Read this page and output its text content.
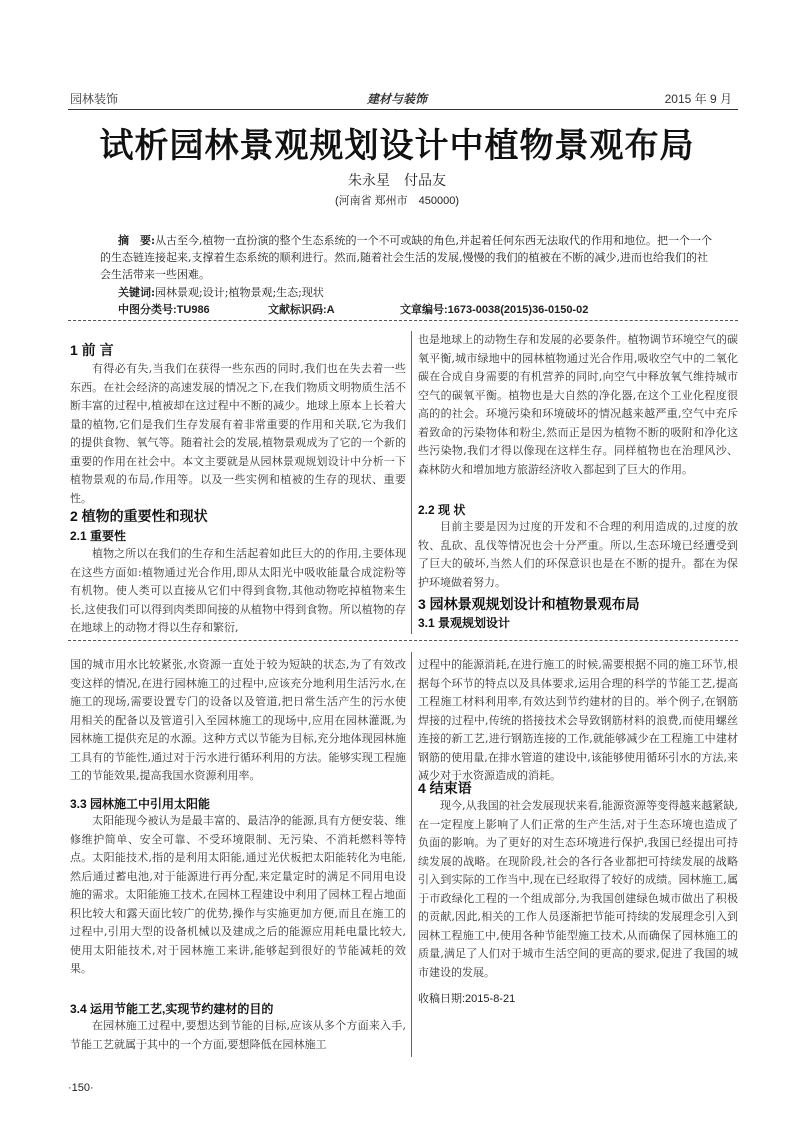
园林装饰	建材与装饰	2015 年 9 月
试析园林景观规划设计中植物景观布局
朱永星　付品友
(河南省 郑州市　450000)
摘　要:从古至今,植物一直扮演的整个生态系统的一个不可或缺的角色,并起着任何东西无法取代的作用和地位。把一个一个的生态链连接起来,支撑着生态系统的顺利进行。然而,随着社会生活的发展,慢慢的我们的植被在不断的减少,进而也给我们的社会生活带来一些困难。
关键词:园林景观;设计;植物景观;生态;现状
中图分类号:TU986	文献标识码:A	文章编号:1673-0038(2015)36-0150-02
1 前 言
有得必有失,当我们在获得一些东西的同时,我们也在失去着一些东西。在社会经济的高速发展的情况之下,在我们物质文明物质生活不断丰富的过程中,植被却在这过程中不断的减少。地球上原本上长着大量的植物,它们是我们生存发展有着非常重要的作用和关联,它为我们的提供食物、氧气等。随着社会的发展,植物景观成为了它的一个新的重要的作用在社会中。本文主要就是从园林景观规划设计中分析一下植物景观的布局,作用等。以及一些实例和植被的生存的现状、重要性。
2 植物的重要性和现状
2.1 重要性
植物之所以在我们的生存和生活起着如此巨大的的作用,主要体现在这些方面如:植物通过光合作用,即从太阳光中吸收能量合成淀粉等有机物。使人类可以直接从它们中得到食物,其他动物吃掉植物来生长,这使我们可以得到肉类即间接的从植物中得到食物。所以植物的存在地球上的动物才得以生存和繁衍,
也是地球上的动物生存和发展的必要条件。植物调节环境空气的碳氧平衡,城市绿地中的园林植物通过光合作用,吸收空气中的二氧化碳在合成自身需要的有机营养的同时,向空气中释放氧气维持城市空气的碳氧平衡。植物也是大自然的净化器,在这个工业化程度很高的的社会。环境污染和环境破坏的情况越来越严重,空气中充斥着致命的污染物体和粉尘,然而正是因为植物不断的吸附和净化这些污染物,我们才得以像现在这样生存。同样植物也在治理风沙、森林防火和增加地方旅游经济收入都起到了巨大的作用。
2.2 现 状
目前主要是因为过度的开发和不合理的利用造成的,过度的放牧、乱砍、乱伐等情况也会十分严重。所以,生态环境已经遭受到了巨大的破坏,当然人们的环保意识也是在不断的提升。都在为保护环境做着努力。
3 园林景观规划设计和植物景观布局
3.1 景观规划设计
国的城市用水比较紧张,水资源一直处于较为短缺的状态,为了有效改变这样的情况,在进行园林施工的过程中,应该充分地利用生活污水,在施工的现场,需要设置专门的设备以及管道,把日常生活产生的污水使用相关的配备以及管道引入至园林施工的现场中,应用在园林灌溉,为园林施工提供充足的水源。这种方式以节能为目标,充分地体现园林施工具有的节能性,通过对于污水进行循环利用的方法。能够实现工程施工的节能效果,提高我国水资源利用率。
3.3 园林施工中引用太阳能
太阳能现今被认为是最丰富的、最洁净的能源,具有方便安装、维修维护简单、安全可靠、不受环境限制、无污染、不消耗燃料等特点。太阳能技术,指的是利用太阳能,通过光伏板把太阳能转化为电能,然后通过蓄电池,对于能源进行再分配,来定量定时的满足不同用电设施的需求。太阳能施工技术,在园林工程建设中利用了园林工程占地面积比较大和露天面比较广的优势,操作与实施更加方便,而且在施工的过程中,引用大型的设备机械以及建成之后的能源应用耗电量比较大,使用太阳能技术,对于园林施工来讲,能够起到很好的节能减耗的效果。
3.4 运用节能工艺,实现节约建材的目的
在园林施工过程中,要想达到节能的目标,应该从多个方面来入手,节能工艺就属于其中的一个方面,要想降低在园林施工
过程中的能源消耗,在进行施工的时候,需要根据不同的施工环节,根据每个环节的特点以及具体要求,运用合理的科学的节能工艺,提高工程施工材料利用率,有效达到节约建材的目的。举个例子,在钢筋焊接的过程中,传统的搭接技术会导致钢筋材料的浪费,而使用螺丝连接的新工艺,进行钢筋连接的工作,就能够减少在工程施工中建材钢筋的使用量,在排水管道的建设中,该能够使用循环引水的方法,来减少对于水资源造成的消耗。
4 结束语
现今,从我国的社会发展现状来看,能源资源等变得越来越紧缺,在一定程度上影响了人们正常的生产生活,对于生态环境也造成了负面的影响。为了更好的对生态环境进行保护,我国已经提出可持续发展的战略。在现阶段,社会的各行各业都把可持续发展的战略引入到实际的工作当中,现在已经取得了较好的成绩。园林施工,属于市政绿化工程的一个组成部分,为我国创建绿色城市做出了积极的贡献,因此,相关的工作人员逐渐把节能可持续的发展理念引入到园林工程施工中,使用各种节能型施工技术,从而确保了园林施工的质量,满足了人们对于城市生活空间的更高的要求,促进了我国的城市建设的发展。
收稿日期:2015-8-21
·150·
